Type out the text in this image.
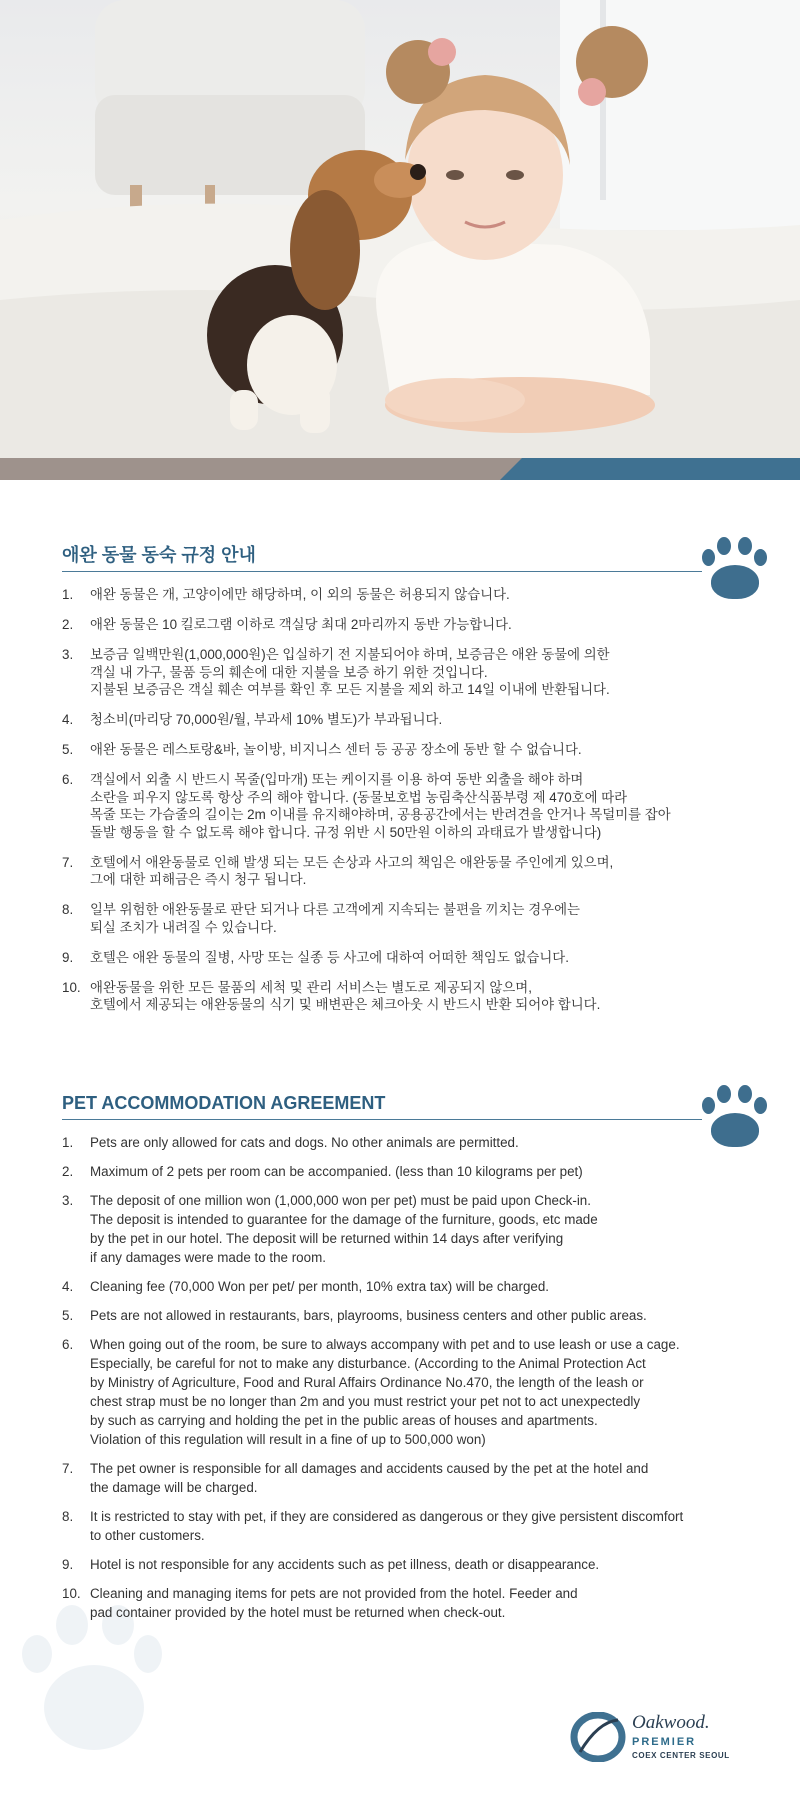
애완 동물 동숙 규정 안내
1. 애완 동물은 개, 고양이에만 해당하며, 이 외의 동물은 허용되지 않습니다.
2. 애완 동물은 10 킬로그램 이하로 객실당 최대 2마리까지 동반 가능합니다.
3. 보증금 일백만원(1,000,000원)은 입실하기 전 지불되어야 하며, 보증금은 애완 동물에 의한
객실 내 가구, 물품 등의 훼손에 대한 지불을 보증 하기 위한 것입니다.
지불된 보증금은 객실 훼손 여부를 확인 후 모든 지불을 제외 하고 14일 이내에 반환됩니다.
4. 청소비(마리당 70,000원/월, 부과세 10% 별도)가 부과됩니다.
5. 애완 동물은 레스토랑&바, 놀이방, 비지니스 센터 등 공공 장소에 동반 할 수 없습니다.
6. 객실에서 외출 시 반드시 목줄(입마개) 또는 케이지를 이용 하여 동반 외출을 해야 하며
소란을 피우지 않도록 항상 주의 해야 합니다. (동물보호법 농림축산식품부령 제 470호에 따라
목줄 또는 가슴줄의 길이는 2m 이내를 유지해야하며, 공용공간에서는 반려견을 안거나 목덜미를 잡아
돌발 행동을 할 수 없도록 해야 합니다. 규정 위반 시 50만원 이하의 과태료가 발생합니다)
7. 호텔에서 애완동물로 인해 발생 되는 모든 손상과 사고의 책임은 애완동물 주인에게 있으며,
그에 대한 피해금은 즉시 청구 됩니다.
8. 일부 위험한 애완동물로 판단 되거나 다른 고객에게 지속되는 불편을 끼치는 경우에는
퇴실 조치가 내려질 수 있습니다.
9. 호텔은 애완 동물의 질병, 사망 또는 실종 등 사고에 대하여 어떠한 책임도 없습니다.
10. 애완동물을 위한 모든 물품의 세척 및 관리 서비스는 별도로 제공되지 않으며,
호텔에서 제공되는 애완동물의 식기 및 배변판은 체크아웃 시 반드시 반환 되어야 합니다.
PET ACCOMMODATION AGREEMENT
1. Pets are only allowed for cats and dogs. No other animals are permitted.
2. Maximum of 2 pets per room can be accompanied. (less than 10 kilograms per pet)
3. The deposit of one million won (1,000,000 won per pet) must be paid upon Check-in.
The deposit is intended to guarantee for the damage of the furniture, goods, etc made
by the pet in our hotel. The deposit will be returned within 14 days after verifying
if any damages were made to the room.
4. Cleaning fee (70,000 Won per pet/ per month, 10% extra tax) will be charged.
5. Pets are not allowed in restaurants, bars, playrooms, business centers and other public areas.
6. When going out of the room, be sure to always accompany with pet and to use leash or use a cage.
Especially, be careful for not to make any disturbance. (According to the Animal Protection Act
by Ministry of Agriculture, Food and Rural Affairs Ordinance No.470, the length of the leash or
chest strap must be no longer than 2m and you must restrict your pet not to act unexpectedly
by such as carrying and holding the pet in the public areas of houses and apartments.
Violation of this regulation will result in a fine of up to 500,000 won)
7. The pet owner is responsible for all damages and accidents caused by the pet at the hotel and
the damage will be charged.
8. It is restricted to stay with pet, if they are considered as dangerous or they give persistent discomfort
to other customers.
9. Hotel is not responsible for any accidents such as pet illness, death or disappearance.
10. Cleaning and managing items for pets are not provided from the hotel. Feeder and
pad container provided by the hotel must be returned when check-out.
Oakwood.
PREMIER
COEX CENTER SEOUL
